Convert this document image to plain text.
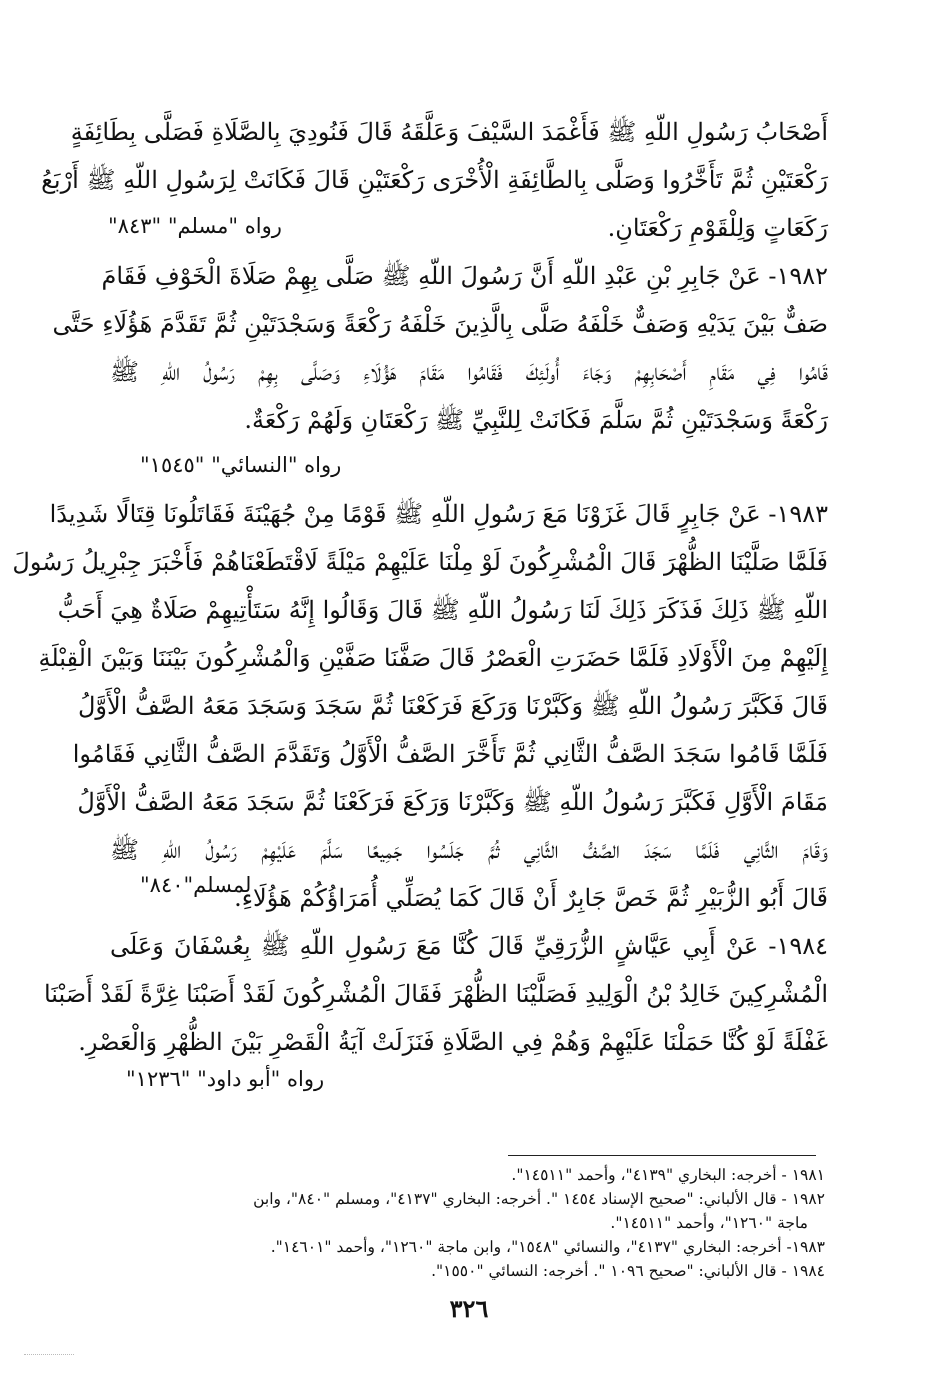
أَصْحَابُ رَسُولِ اللّهِ ﷺ فَأَغْمَدَ السَّيْفَ وَعَلَّقَهُ قَالَ فَنُودِيَ بِالصَّلَاةِ فَصَلَّى بِطَائِفَةٍ
رَكْعَتَيْنِ ثُمَّ تَأَخَّرُوا وَصَلَّى بِالطَّائِفَةِ الْأُخْرَى رَكْعَتَيْنِ قَالَ فَكَانَتْ لِرَسُولِ اللّهِ ﷺ أَرْبَعُ
رَكَعَاتٍ وَلِلْقَوْمِ رَكْعَتَانِ.
رواه "مسلم" "٨٤٣"
١٩٨٢- عَنْ جَابِرِ بْنِ عَبْدِ اللّهِ أَنَّ رَسُولَ اللّهِ ﷺ صَلَّى بِهِمْ صَلَاةَ الْخَوْفِ فَقَامَ
صَفٌّ بَيْنَ يَدَيْهِ وَصَفٌّ خَلْفَهُ صَلَّى بِالَّذِينَ خَلْفَهُ رَكْعَةً وَسَجْدَتَيْنِ ثُمَّ تَقَدَّمَ هَؤُلَاءِ حَتَّى
قَامُوا فِي مَقَامِ أَصْحَابِهِمْ وَجَاءَ أُولَئِكَ فَقَامُوا مَقَامَ هَؤُلَاءِ وَصَلَّى بِهِمْ رَسُولُ اللّهِ ﷺ
رَكْعَةً وَسَجْدَتَيْنِ ثُمَّ سَلَّمَ فَكَانَتْ لِلنَّبِيِّ ﷺ رَكْعَتَانِ وَلَهُمْ رَكْعَةٌ.
رواه "النسائي" "١٥٤٥"
١٩٨٣- عَنْ جَابِرٍ قَالَ غَزَوْنَا مَعَ رَسُولِ اللّهِ ﷺ قَوْمًا مِنْ جُهَيْنَةَ فَقَاتَلُونَا قِتَالًا شَدِيدًا
فَلَمَّا صَلَّيْنَا الظُّهْرَ قَالَ الْمُشْرِكُونَ لَوْ مِلْنَا عَلَيْهِمْ مَيْلَةً لَاقْتَطَعْنَاهُمْ فَأَخْبَرَ جِبْرِيلُ رَسُولَ
اللّهِ ﷺ ذَلِكَ فَذَكَرَ ذَلِكَ لَنَا رَسُولُ اللّهِ ﷺ قَالَ وَقَالُوا إِنَّهُ سَتَأْتِيهِمْ صَلَاةٌ هِيَ أَحَبُّ
إِلَيْهِمْ مِنَ الْأَوْلَادِ فَلَمَّا حَضَرَتِ الْعَصْرُ قَالَ صَفَّنَا صَفَّيْنِ وَالْمُشْرِكُونَ بَيْنَنَا وَبَيْنَ الْقِبْلَةِ
قَالَ فَكَبَّرَ رَسُولُ اللّهِ ﷺ وَكَبَّرْنَا وَرَكَعَ فَرَكَعْنَا ثُمَّ سَجَدَ وَسَجَدَ مَعَهُ الصَّفُّ الْأَوَّلُ
فَلَمَّا قَامُوا سَجَدَ الصَّفُّ الثَّانِي ثُمَّ تَأَخَّرَ الصَّفُّ الْأَوَّلُ وَتَقَدَّمَ الصَّفُّ الثَّانِي فَقَامُوا
مَقَامَ الْأَوَّلِ فَكَبَّرَ رَسُولُ اللّهِ ﷺ وَكَبَّرْنَا وَرَكَعَ فَرَكَعْنَا ثُمَّ سَجَدَ مَعَهُ الصَّفُّ الْأَوَّلُ
وَقَامَ الثَّانِي فَلَمَّا سَجَدَ الصَّفُّ الثَّانِي ثُمَّ جَلَسُوا جَمِيعًا سَلَّمَ عَلَيْهِمْ رَسُولُ اللّهِ ﷺ
قَالَ أَبُو الزُّبَيْرِ ثُمَّ خَصَّ جَابِرٌ أَنْ قَالَ كَمَا يُصَلِّي أُمَرَاؤُكُمْ هَؤُلَاءِ.
لمسلم"٨٤٠"
١٩٨٤- عَنْ أَبِي عَيَّاشٍ الزُّرَقِيِّ قَالَ كُنَّا مَعَ رَسُولِ اللّهِ ﷺ بِعُسْفَانَ وَعَلَى
الْمُشْرِكِينَ خَالِدُ بْنُ الْوَلِيدِ فَصَلَّيْنَا الظُّهْرَ فَقَالَ الْمُشْرِكُونَ لَقَدْ أَصَبْنَا غِرَّةً لَقَدْ أَصَبْنَا
غَفْلَةً لَوْ كُنَّا حَمَلْنَا عَلَيْهِمْ وَهُمْ فِي الصَّلَاةِ فَنَزَلَتْ آيَةُ الْقَصْرِ بَيْنَ الظُّهْرِ وَالْعَصْرِ.
رواه "أبو داود" "١٢٣٦"
١٩٨١ - أخرجه: البخاري "٤١٣٩"، وأحمد "١٤٥١١".
١٩٨٢ - قال الألباني: "صحيح الإسناد ١٤٥٤ ". أخرجه: البخاري "٤١٣٧"، ومسلم "٨٤٠"، وابن
ماجة "١٢٦٠"، وأحمد "١٤٥١١".
١٩٨٣- أخرجه: البخاري "٤١٣٧"، والنسائي "١٥٤٨"، وابن ماجة "١٢٦٠"، وأحمد "١٤٦٠١".
١٩٨٤ - قال الألباني: "صحيح ١٠٩٦ ". أخرجه: النسائي "١٥٥٠".
٣٢٦
